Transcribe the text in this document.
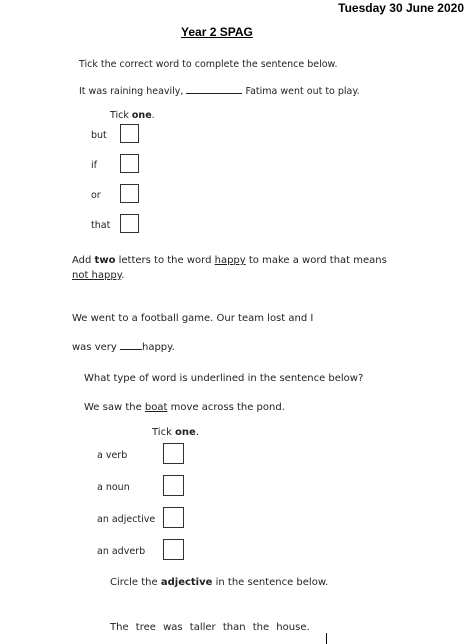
Tuesday 30 June 2020
Year 2 SPAG
Tick the correct word to complete the sentence below.
It was raining heavily,	Fatima went out to play.
Tick one.
but
if
or
that
Add two letters to the word happy to make a word that means
not happy.
We went to a football game. Our team lost and I
was very happy.
What type of word is underlined in the sentence below?
We saw the boat move across the pond.
Tick one.
a verb
a noun
an adjective
an adverb
Circle the adjective in the sentence below.
The tree was taller than the house.
